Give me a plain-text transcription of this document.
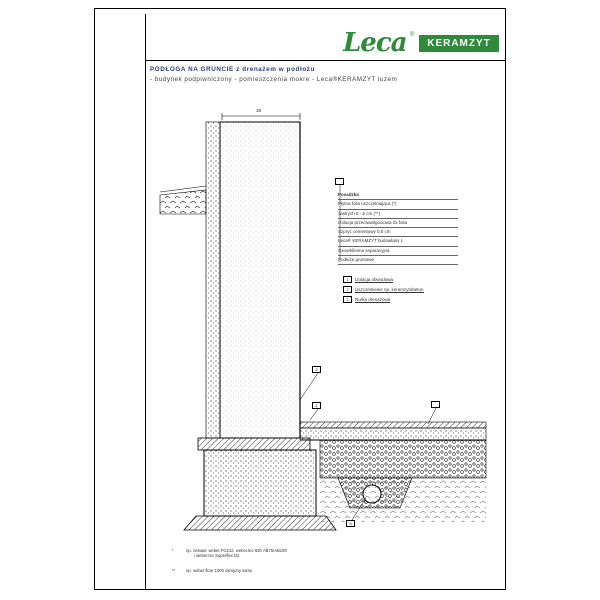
Leca ®
KERAMZYT
PODŁOGA NA GRUNCIE z drenażem w podłożu
- budynek podpiwniczony - pomieszczenia mokre - Leca®KERAMZYT luzem
38
2
1
3
Posadzka
Płytna folia uszczelniająca (*)
Jastrych 5 - 6 cm (**)
Izolacja przeciwwilgociowa 2x folia
Szpryc cementowy 0,5 cm
Leca® KERAMZYT budowlany L
Geowłóknina separacyjna
Podłoże gruntowe
1	Izolacja obwodowa
2	Uszczelnienie np. keramzytobeton
3	Rurka drenażowa
*	np. zestaw: weber.FG212, weber.tec 820 AB75/AB150
i weber.tec Superflex D2
**	np. weber.floor 1000 okrojony samy
